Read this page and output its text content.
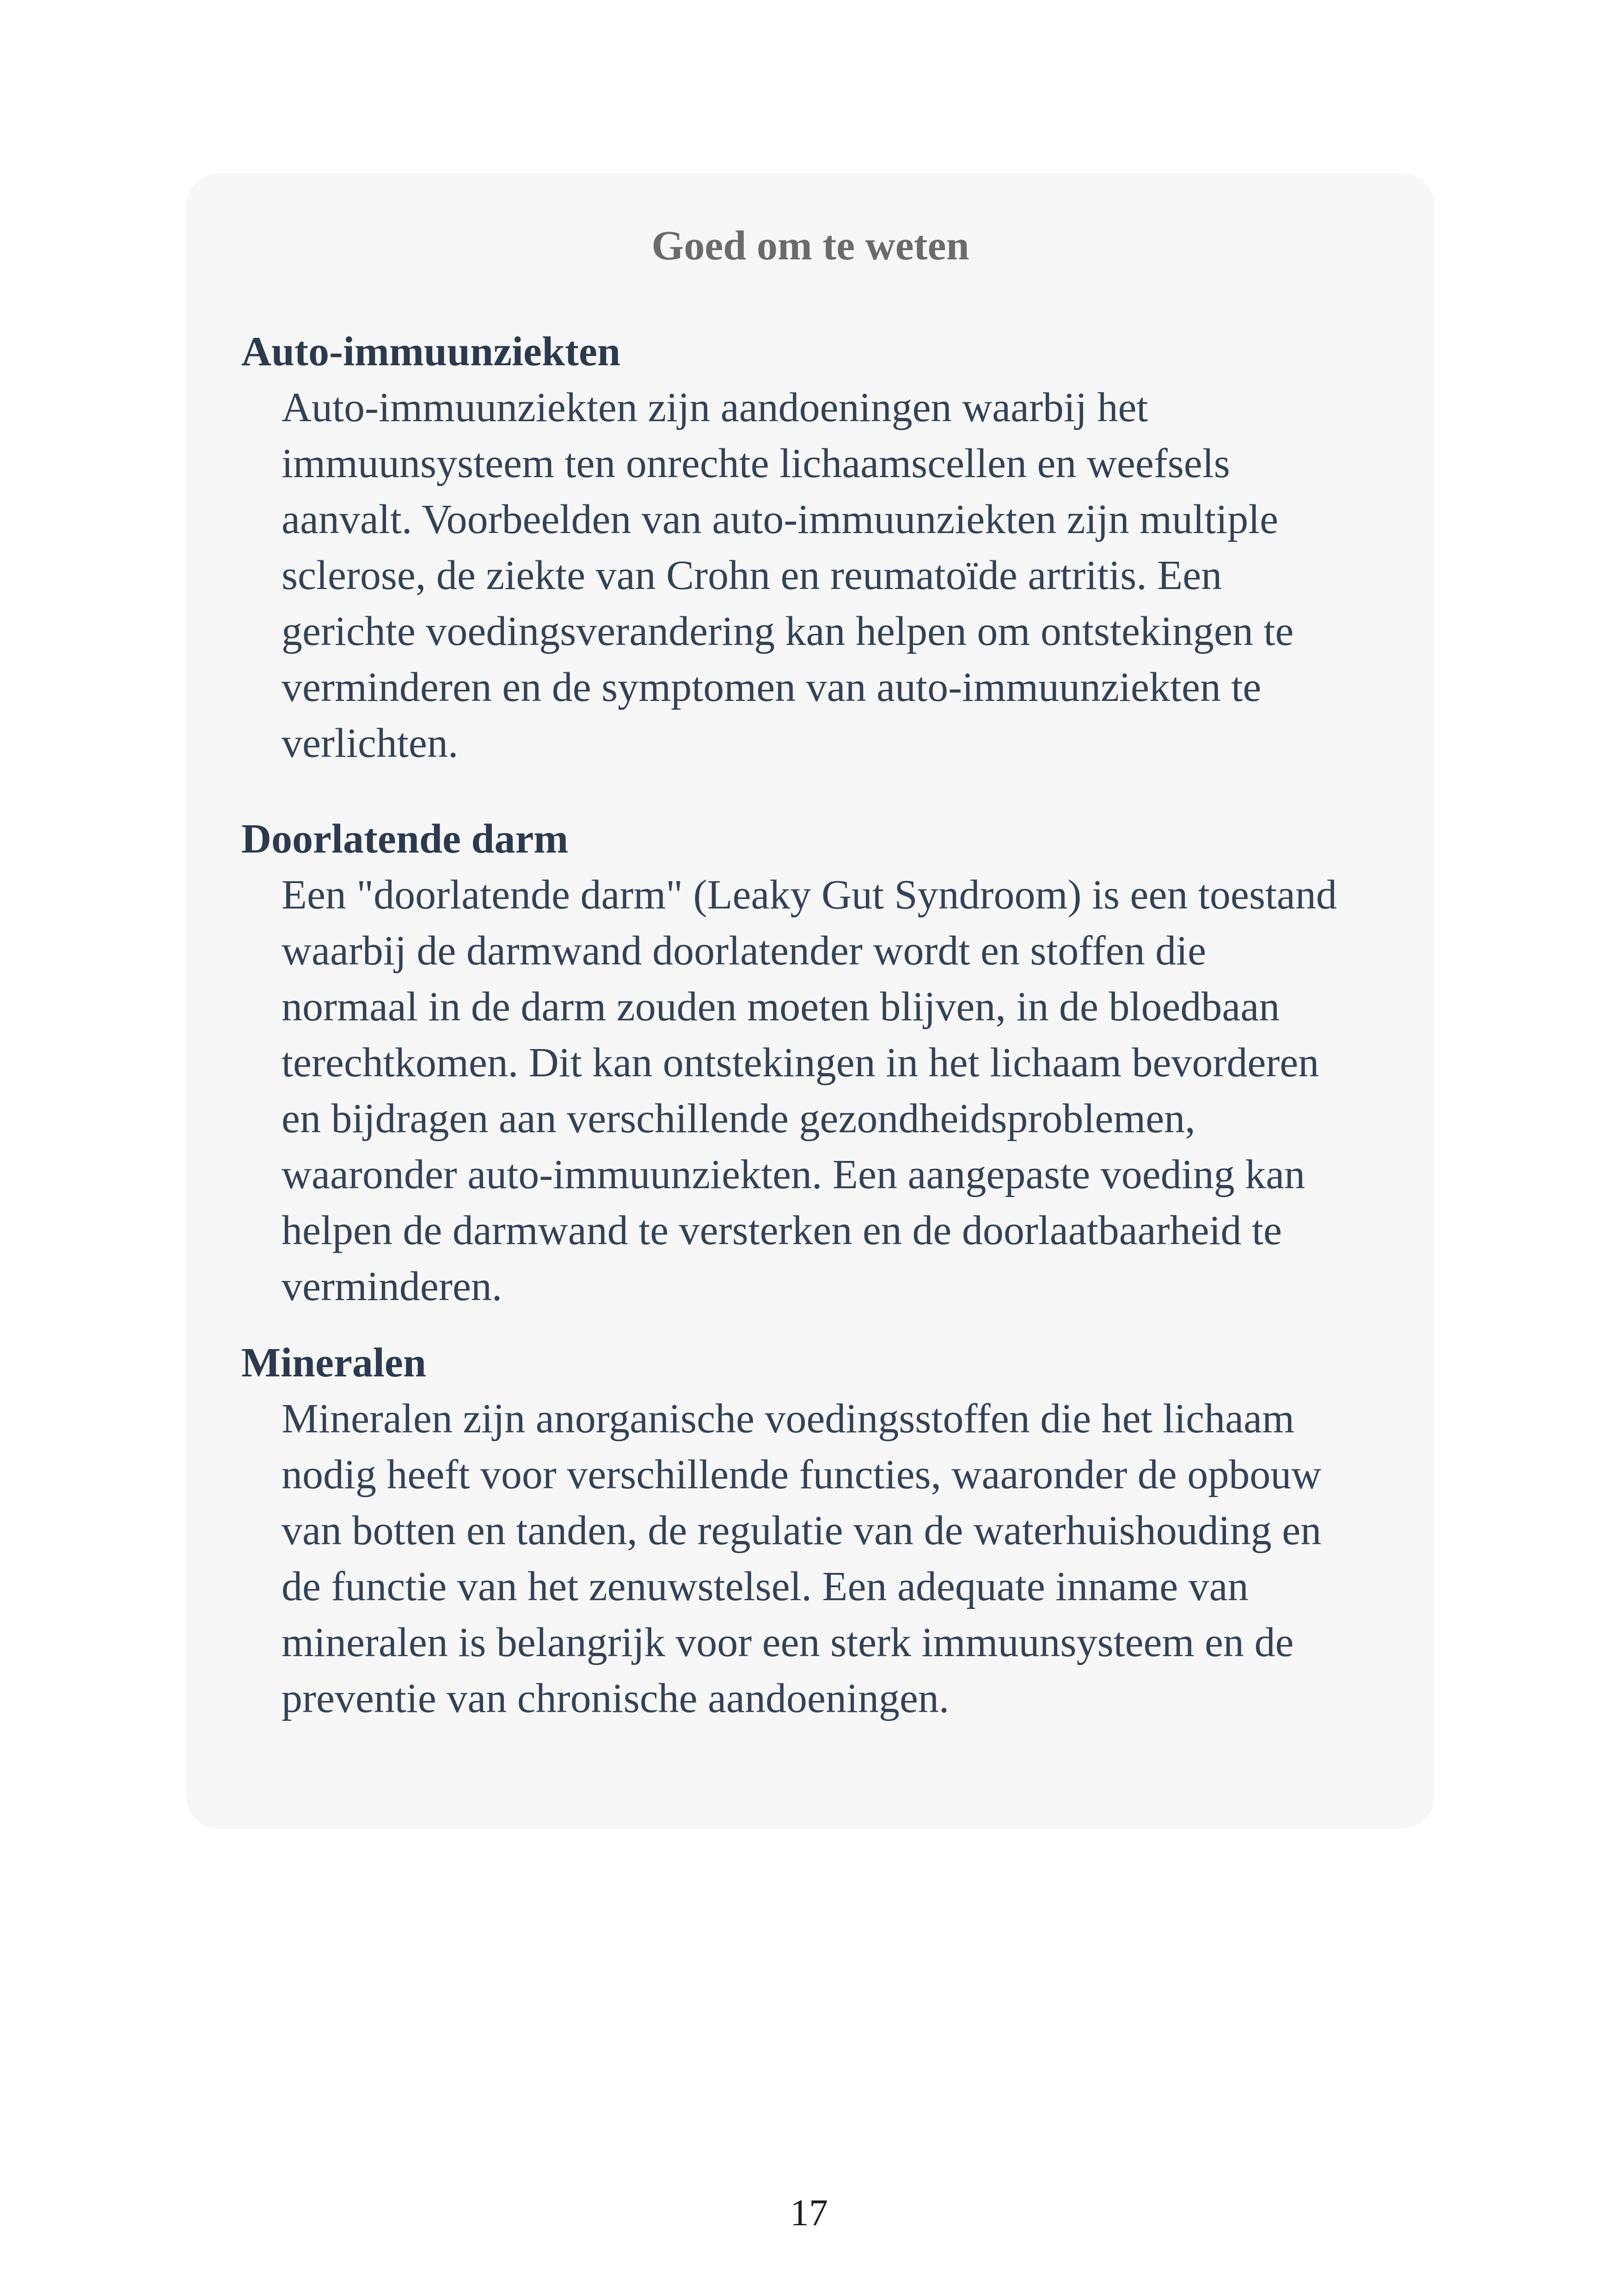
Goed om te weten

Auto-immuunziekten

Auto-immuunziekten zijn aandoeningen waarbij het
immuunsysteem ten onrechte lichaamscellen en weefsels
aanvalt. Voorbeelden van auto-immuunziekten zijn multiple
sclerose, de ziekte van Crohn en reumatoïde artritis. Een
gerichte voedingsverandering kan helpen om ontstekingen te
verminderen en de symptomen van auto-immuunziekten te
verlichten.

Doorlatende darm

Een "doorlatende darm" (Leaky Gut Syndroom) is een toestand
waarbij de darmwand doorlatender wordt en stoffen die
normaal in de darm zouden moeten blijven, in de bloedbaan
terechtkomen. Dit kan ontstekingen in het lichaam bevorderen
en bijdragen aan verschillende gezondheidsproblemen,
waaronder auto-immuunziekten. Een aangepaste voeding kan
helpen de darmwand te versterken en de doorlaatbaarheid te
verminderen.

Mineralen

Mineralen zijn anorganische voedingsstoffen die het lichaam
nodig heeft voor verschillende functies, waaronder de opbouw
van botten en tanden, de regulatie van de waterhuishouding en
de functie van het zenuwstelsel. Een adequate inname van
mineralen is belangrijk voor een sterk immuunsysteem en de
preventie van chronische aandoeningen.

17
